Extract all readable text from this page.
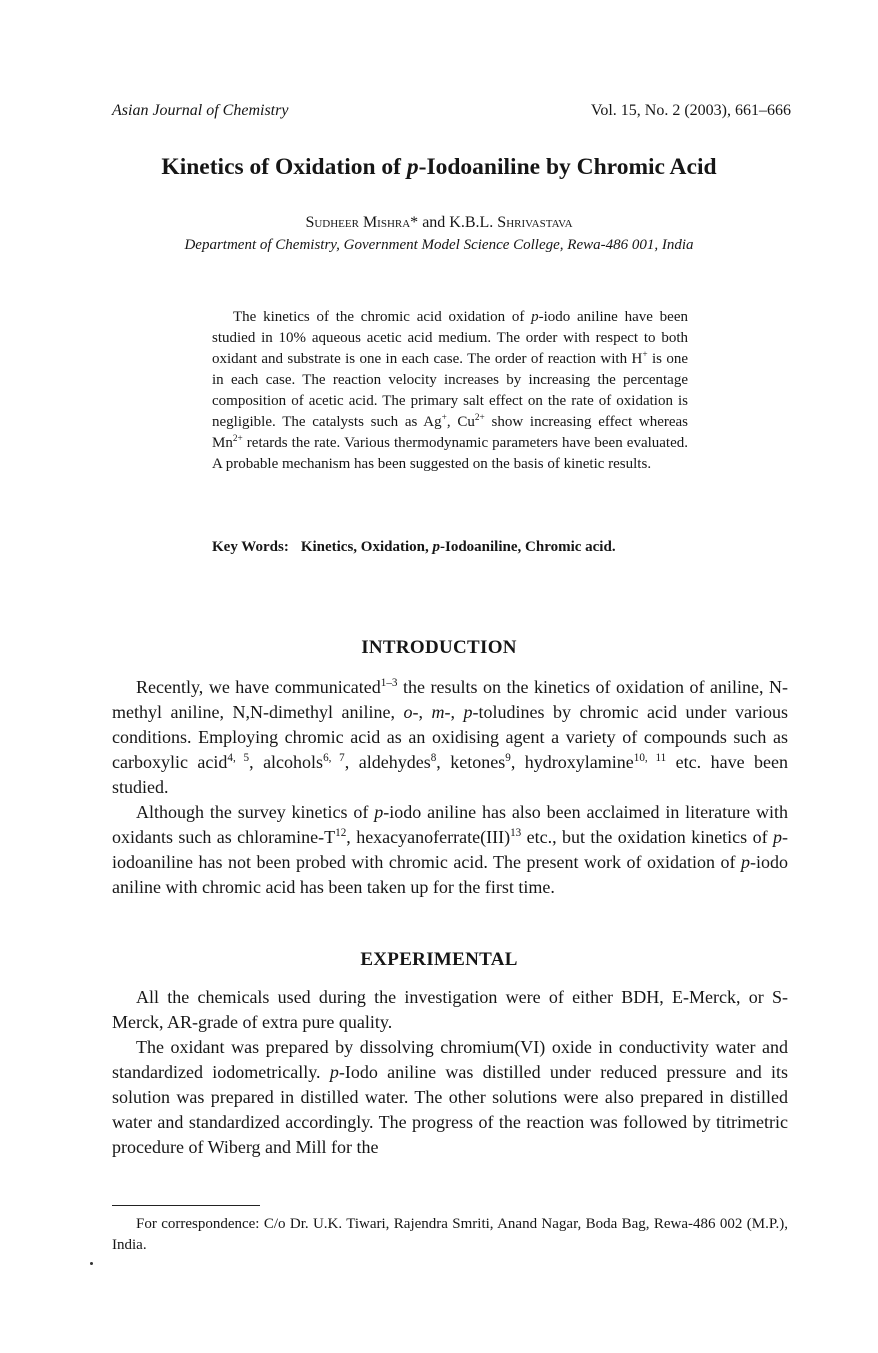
Asian Journal of Chemistry	Vol. 15, No. 2 (2003), 661–666
Kinetics of Oxidation of p-Iodoaniline by Chromic Acid
Sudheer Mishra* and K.B.L. Shrivastava
Department of Chemistry, Government Model Science College, Rewa-486 001, India

The kinetics of the chromic acid oxidation of p-iodo aniline have been studied in 10% aqueous acetic acid medium. The order with respect to both oxidant and substrate is one in each case. The order of reaction with H+ is one in each case. The reaction velocity increases by increasing the percentage composition of acetic acid. The primary salt effect on the rate of oxidation is negligible. The catalysts such as Ag+, $Cu^{2+}$ show increasing effect whereas $Mn^{2+}$ retards the rate. Various thermodynamic parameters have been evaluated. A probable mechanism has been suggested on the basis of kinetic results.

Key Words: Kinetics, Oxidation, p-Iodoaniline, Chromic acid.

INTRODUCTION

Recently, we have communicated$^{1-3}$ the results on the kinetics of oxidation of aniline, N-methyl aniline, N,N-dimethyl aniline, o-, m-, p-toludines by chromic acid under various conditions. Employing chromic acid as an oxidising agent a variety of compounds such as carboxylic acid$^{4, 5}$, alcohols$^{6, 7}$, aldehydes$^8$, ketones$^9$, hydroxylamine$^{10, 11}$ etc. have been studied.

Although the survey kinetics of p-iodo aniline has also been acclaimed in literature with oxidants such as chloramine-$T^{12}$, hexacyanoferrate(III)$^{13}$ etc., but the oxidation kinetics of p-iodoaniline has not been probed with chromic acid. The present work of oxidation of p-iodo aniline with chromic acid has been taken up for the first time.

EXPERIMENTAL

All the chemicals used during the investigation were of either BDH, E-Merck, or S-Merck, AR-grade of extra pure quality.

The oxidant was prepared by dissolving chromium(VI) oxide in conductivity water and standardized iodometrically. p-Iodo aniline was distilled under reduced pressure and its solution was prepared in distilled water. The other solutions were also prepared in distilled water and standardized accordingly. The progress of the reaction was followed by titrimetric procedure of Wiberg and Mill for the

For correspondence: C/o Dr. U.K. Tiwari, Rajendra Smriti, Anand Nagar, Boda Bag, Rewa-486 002 (M.P.), India.
